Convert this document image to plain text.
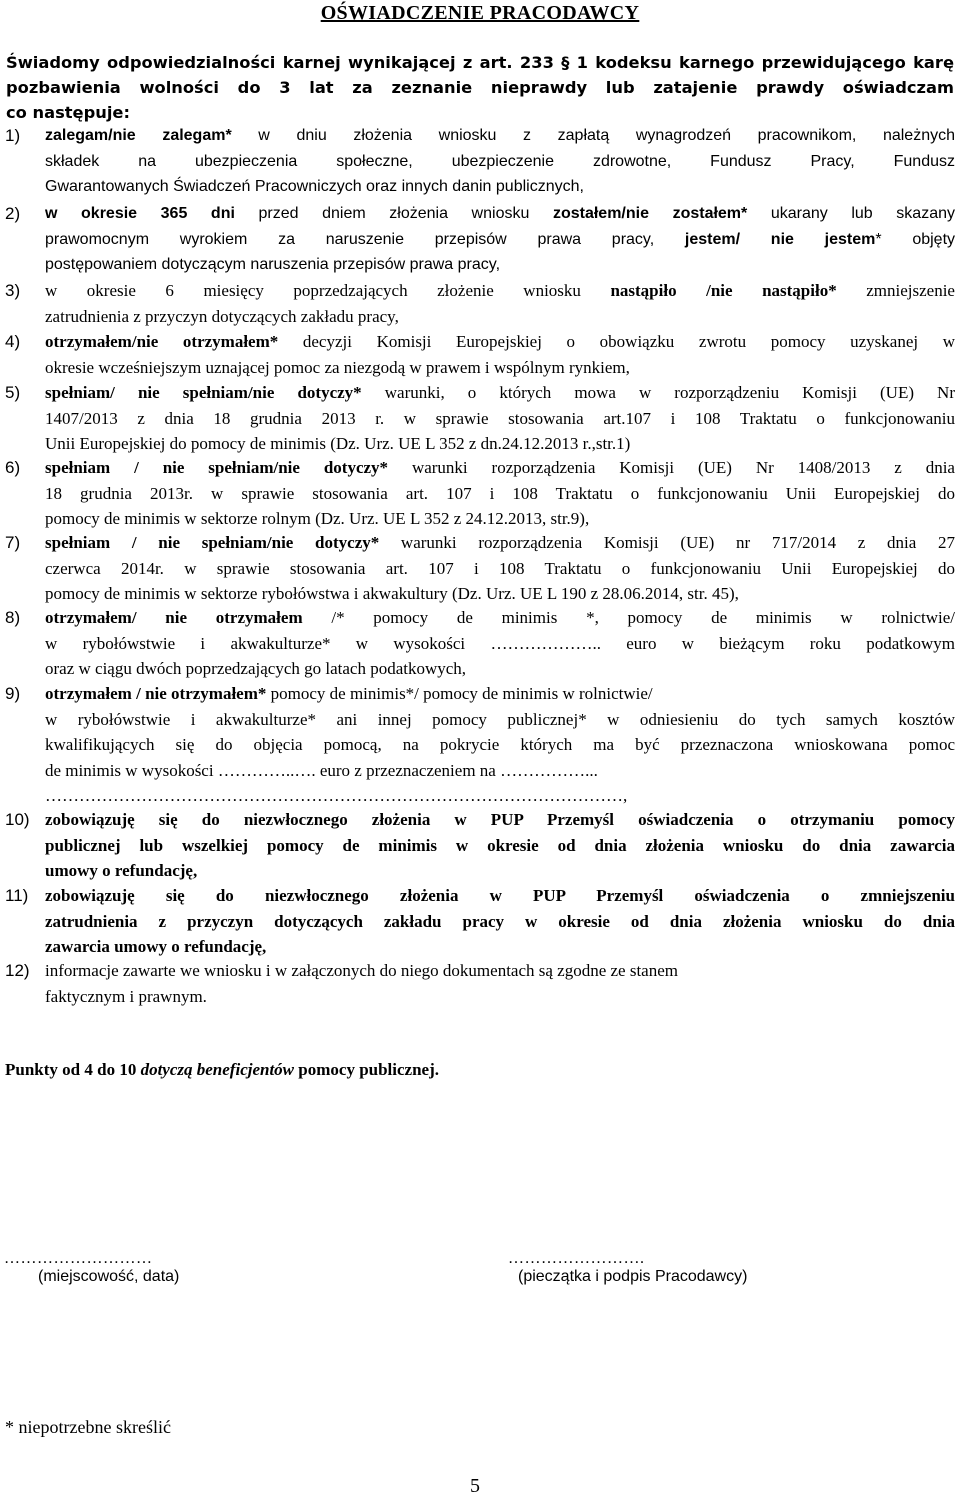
OŚWIADCZENIE PRACODAWCY
Świadomy odpowiedzialności karnej wynikającej z art. 233 § 1 kodeksu karnego przewidującego karę
pozbawienia wolności do 3 lat za zeznanie nieprawdy lub zatajenie prawdy oświadczam
co następuje:
1) zalegam/nie zalegam* w dniu złożenia wniosku z zapłatą wynagrodzeń pracownikom, należnych
składek na ubezpieczenia społeczne, ubezpieczenie zdrowotne, Fundusz Pracy, Fundusz
Gwarantowanych Świadczeń Pracowniczych oraz innych danin publicznych,
2) w okresie 365 dni przed dniem złożenia wniosku zostałem/nie zostałem* ukarany lub skazany
prawomocnym wyrokiem za naruszenie przepisów prawa pracy, jestem/ nie jestem* objęty
postępowaniem dotyczącym naruszenia przepisów prawa pracy,
3) w okresie 6 miesięcy poprzedzających złożenie wniosku nastąpiło /nie nastąpiło* zmniejszenie
zatrudnienia z przyczyn dotyczących zakładu pracy,
4) otrzymałem/nie otrzymałem* decyzji Komisji Europejskiej o obowiązku zwrotu pomocy uzyskanej w
okresie wcześniejszym uznającej pomoc za niezgodą w prawem i wspólnym rynkiem,
5) spełniam/ nie spełniam/nie dotyczy* warunki, o których mowa w rozporządzeniu Komisji (UE) Nr
1407/2013 z dnia 18 grudnia 2013 r. w sprawie stosowania art.107 i 108 Traktatu o funkcjonowaniu
Unii Europejskiej do pomocy de minimis (Dz. Urz. UE L 352 z dn.24.12.2013 r.,str.1)
6) spełniam / nie spełniam/nie dotyczy* warunki rozporządzenia Komisji (UE) Nr 1408/2013 z dnia
18 grudnia 2013r. w sprawie stosowania art. 107 i 108 Traktatu o funkcjonowaniu Unii Europejskiej do
pomocy de minimis w sektorze rolnym (Dz. Urz. UE L 352 z 24.12.2013, str.9),
7) spełniam / nie spełniam/nie dotyczy* warunki rozporządzenia Komisji (UE) nr 717/2014 z dnia 27
czerwca 2014r. w sprawie stosowania art. 107 i 108 Traktatu o funkcjonowaniu Unii Europejskiej do
pomocy de minimis w sektorze rybołówstwa i akwakultury (Dz. Urz. UE L 190 z 28.06.2014, str. 45),
8) otrzymałem/ nie otrzymałem /* pomocy de minimis *, pomocy de minimis w rolnictwie/
w rybołówstwie i akwakulturze* w wysokości ……………….. euro w bieżącym roku podatkowym
oraz w ciągu dwóch poprzedzających go latach podatkowych,
9) otrzymałem / nie otrzymałem* pomocy de minimis*/ pomocy de minimis w rolnictwie/
w rybołówstwie i akwakulturze* ani innej pomocy publicznej* w odniesieniu do tych samych kosztów
kwalifikujących się do objęcia pomocą, na pokrycie których ma być przeznaczona wnioskowana pomoc
de minimis w wysokości …………..…. euro z przeznaczeniem na ……………...
…………………………………………………………………………………………,
10) zobowiązuję się do niezwłocznego złożenia w PUP Przemyśl oświadczenia o otrzymaniu pomocy
publicznej lub wszelkiej pomocy de minimis w okresie od dnia złożenia wniosku do dnia zawarcia
umowy o refundację,
11) zobowiązuję się do niezwłocznego złożenia w PUP Przemyśl oświadczenia o zmniejszeniu
zatrudnienia z przyczyn dotyczących zakładu pracy w okresie od dnia złożenia wniosku do dnia
zawarcia umowy o refundację,
12) informacje zawarte we wniosku i w załączonych do niego dokumentach są zgodne ze stanem
faktycznym i prawnym.
Punkty od 4 do 10 dotyczą beneficjentów pomocy publicznej.
………………………
(miejscowość, data)
…………………….
(pieczątka i podpis Pracodawcy)
* niepotrzebne skreślić
5
